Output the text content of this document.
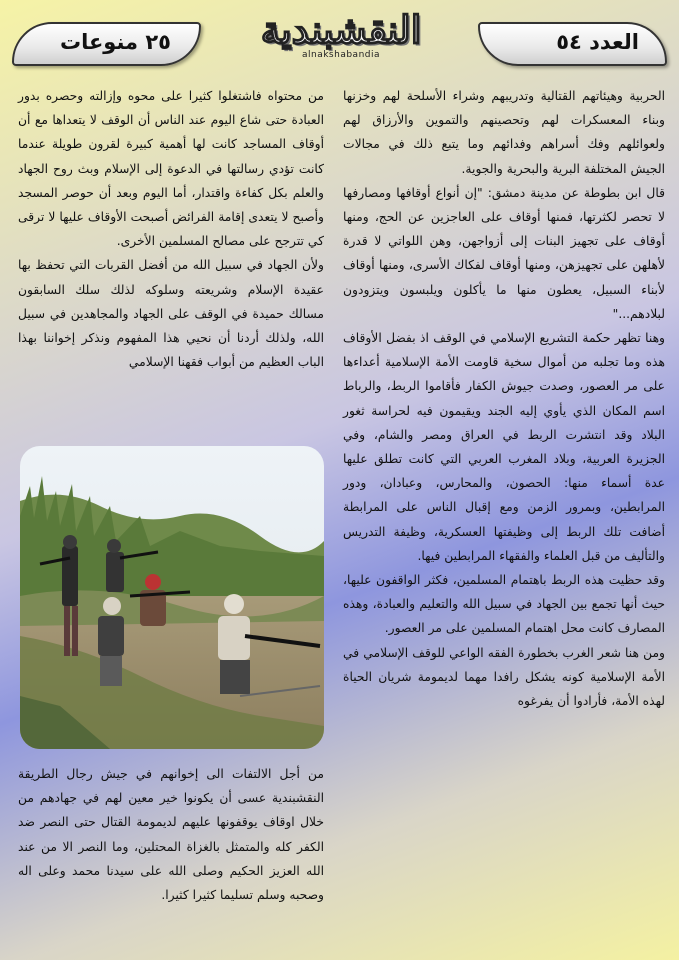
العدد ٥٤
النقشبندية
alnakshabandia
٢٥ منوعات

الحربية وهيئاتهم القتالية وتدريبهم وشراء الأسلحة لهم وخزنها وبناء المعسكرات لهم وتحصينهم والتموين والأرزاق لهم ولعوائلهم وفك أسراهم وفدائهم وما يتبع ذلك في مجالات الجيش المختلفة البرية والبحرية والجوية.

قال ابن بطوطة عن مدينة دمشق: "إن أنواع أوقافها ومصارفها لا تحصر لكثرتها، فمنها أوقاف على العاجزين عن الحج، ومنها أوقاف على تجهيز البنات إلى أزواجهن، وهن اللواتي لا قدرة لأهلهن على تجهيزهن، ومنها أوقاف لفكاك الأسرى، ومنها أوقاف لأبناء السبيل، يعطون منها ما يأكلون ويلبسون ويتزودون لبلادهم..."

وهنا تظهر حكمة التشريع الإسلامي في الوقف اذ بفضل الأوقاف هذه وما تجلبه من أموال سخية قاومت الأمة الإسلامية أعداءها على مر العصور، وصدت جيوش الكفار فأقاموا الربط، والرباط اسم المكان الذي يأوي إليه الجند ويقيمون فيه لحراسة ثغور البلاد وقد انتشرت الربط في العراق ومصر والشام، وفي الجزيرة العربية، وبلاد المغرب العربي التي كانت تطلق عليها عدة أسماء منها: الحصون، والمحارس، وعبادان، ودور المرابطين، وبمرور الزمن ومع إقبال الناس على المرابطة أضافت تلك الربط إلى وظيفتها العسكرية، وظيفة التدريس والتأليف من قبل العلماء والفقهاء المرابطين فيها.

وقد حظيت هذه الربط باهتمام المسلمين، فكثر الواقفون عليها، حيث أنها تجمع بين الجهاد في سبيل الله والتعليم والعبادة، وهذه المصارف كانت محل اهتمام المسلمين على مر العصور.

ومن هنا شعر الغرب بخطورة الفقه الواعي للوقف الإسلامي في الأمة الإسلامية كونه يشكل رافدا مهما لديمومة شريان الحياة لهذه الأمة، فأرادوا أن يفرغوه

من محتواه فاشتغلوا كثيرا على محوه وإزالته وحصره بدور العبادة حتى شاع اليوم عند الناس أن الوقف لا يتعداها مع أن أوقاف المساجد كانت لها أهمية كبيرة لقرون طويلة عندما كانت تؤدي رسالتها في الدعوة إلى الإسلام وبث روح الجهاد والعلم بكل كفاءة واقتدار، أما اليوم وبعد أن حوصر المسجد وأصبح لا يتعدى إقامة الفرائض أصبحت الأوقاف عليها لا ترقى كي تترجح على مصالح المسلمين الأخرى.

ولأن الجهاد في سبيل الله من أفضل القربات التي تحفظ بها عقيدة الإسلام وشريعته وسلوكه لذلك سلك السابقون مسالك حميدة في الوقف على الجهاد والمجاهدين في سبيل الله، ولذلك أردنا أن نحيي هذا المفهوم ونذكر إخواننا بهذا الباب العظيم من أبواب فقهنا الإسلامي

من أجل الالتفات الى إخوانهم في جيش رجال الطريقة النقشبندية عسى أن يكونوا خير معين لهم في جهادهم من خلال اوقاف يوقفونها عليهم لديمومة القتال حتى النصر ضد الكفر كله والمتمثل بالغزاة المحتلين، وما النصر الا من عند الله العزيز الحكيم وصلى الله على سيدنا محمد وعلى اله وصحبه وسلم تسليما كثيرا كثيرا.
